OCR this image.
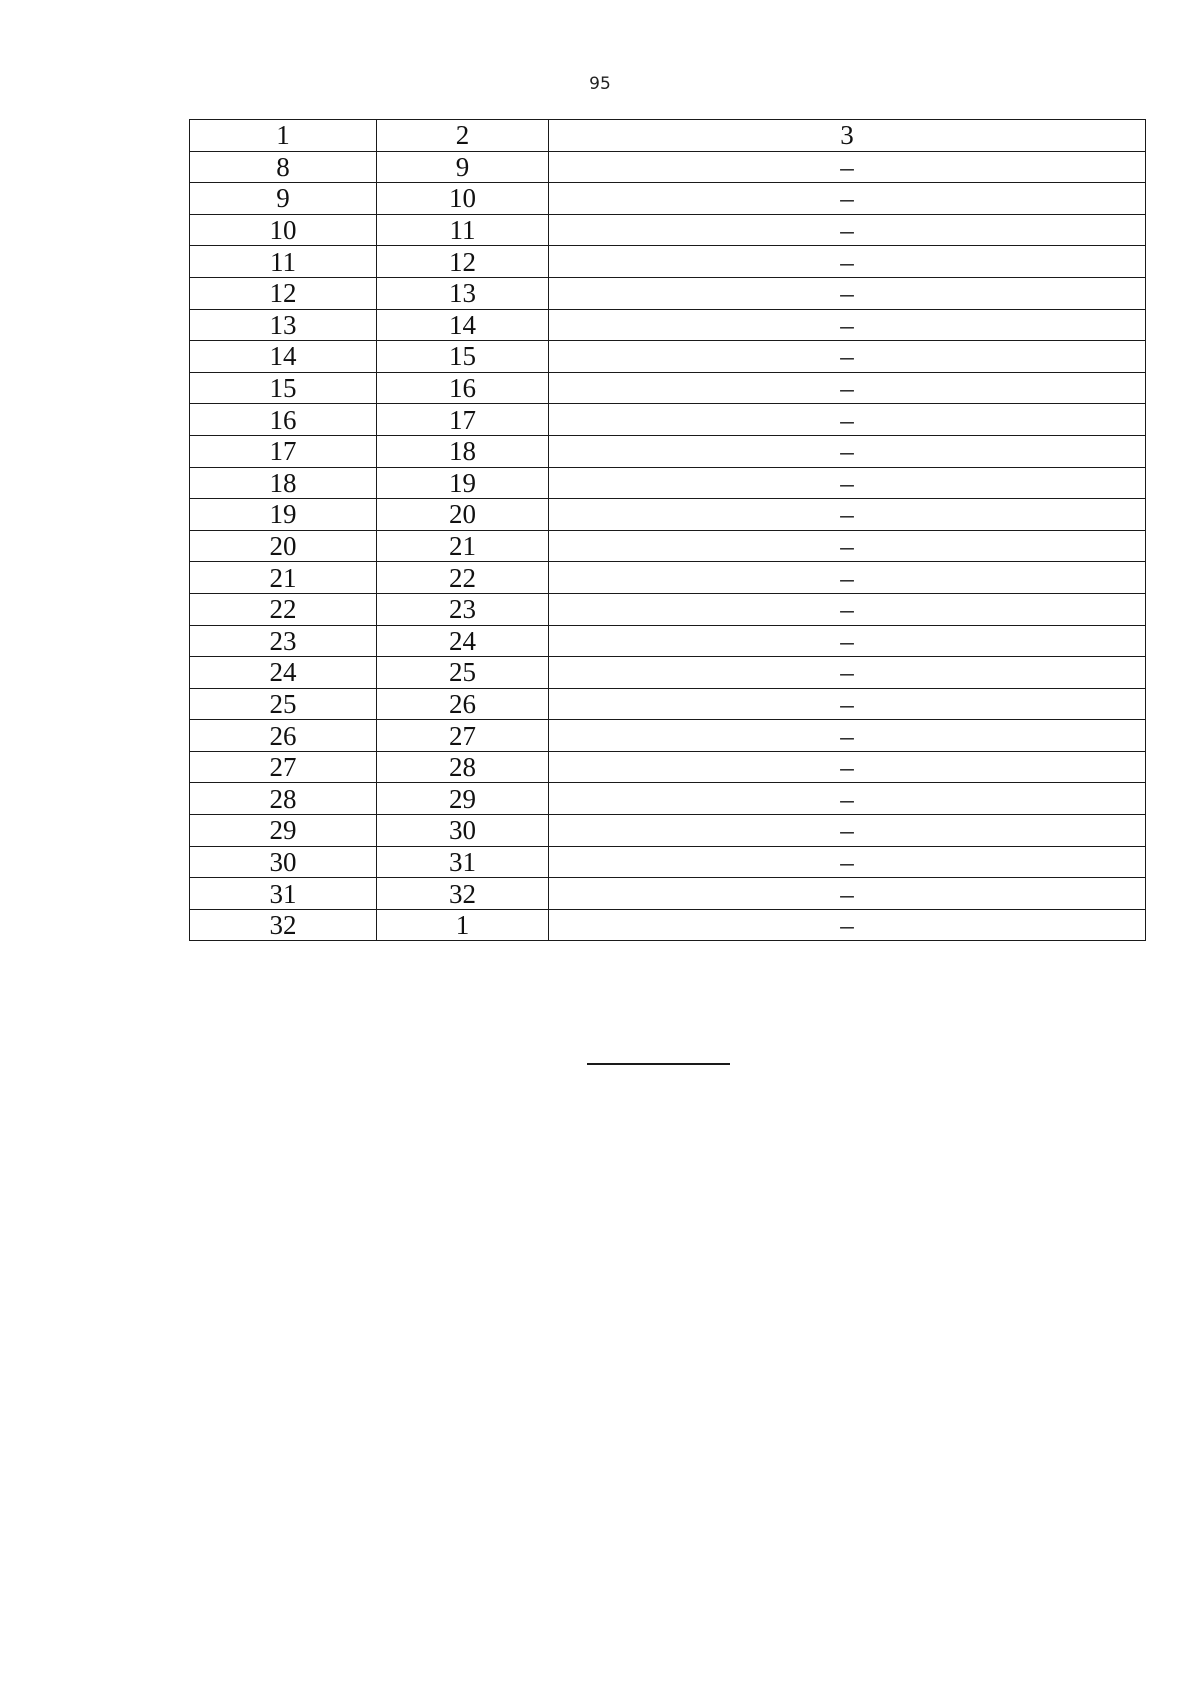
95
1	2	3
8	9	–
9	10	–
10	11	–
11	12	–
12	13	–
13	14	–
14	15	–
15	16	–
16	17	–
17	18	–
18	19	–
19	20	–
20	21	–
21	22	–
22	23	–
23	24	–
24	25	–
25	26	–
26	27	–
27	28	–
28	29	–
29	30	–
30	31	–
31	32	–
32	1	–
